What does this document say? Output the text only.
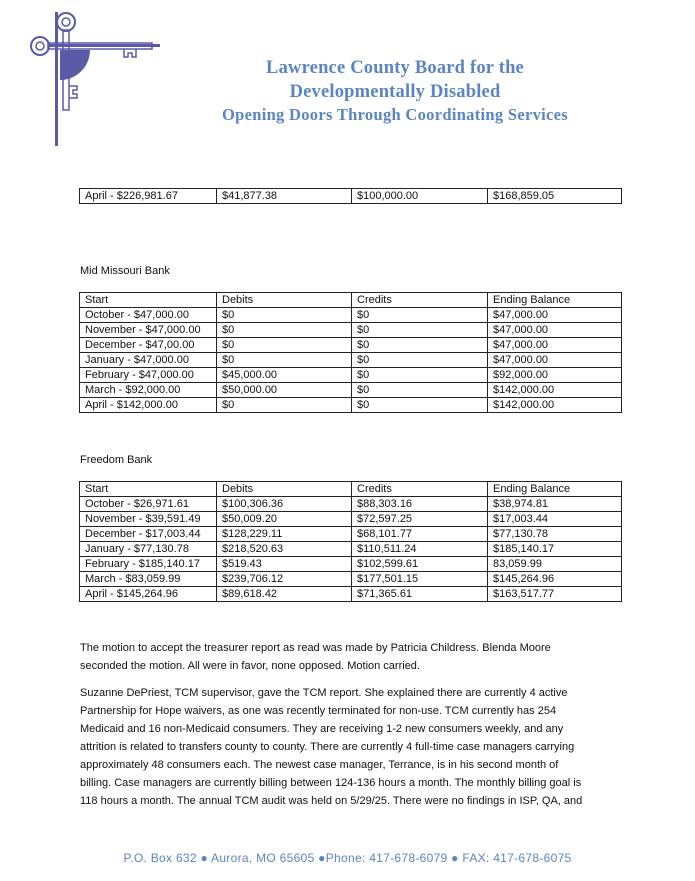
Lawrence County Board for the
Developmentally Disabled
Opening Doors Through Coordinating Services
April - $226,981.67	$41,877.38	$100,000.00	$168,859.05
Mid Missouri Bank
Start	Debits	Credits	Ending Balance
October - $47,000.00	$0	$0	$47,000.00
November - $47,000.00	$0	$0	$47,000.00
December - $47,00.00	$0	$0	$47,000.00
January - $47,000.00	$0	$0	$47,000.00
February - $47,000.00	$45,000.00	$0	$92,000.00
March - $92,000.00	$50,000.00	$0	$142,000.00
April - $142,000.00	$0	$0	$142,000.00
Freedom Bank
Start	Debits	Credits	Ending Balance
October - $26,971.61	$100,306.36	$88,303.16	$38,974.81
November - $39,591.49	$50,009.20	$72,597.25	$17,003.44
December - $17,003.44	$128,229.11	$68,101.77	$77,130.78
January - $77,130.78	$218,520.63	$110,511.24	$185,140.17
February - $185,140.17	$519.43	$102,599.61	83,059.99
March - $83,059.99	$239,706.12	$177,501.15	$145,264.96
April - $145,264.96	$89,618.42	$71,365.61	$163,517.77
The motion to accept the treasurer report as read was made by Patricia Childress. Blenda Moore
seconded the motion. All were in favor, none opposed. Motion carried.
Suzanne DePriest, TCM supervisor, gave the TCM report. She explained there are currently 4 active
Partnership for Hope waivers, as one was recently terminated for non-use. TCM currently has 254
Medicaid and 16 non-Medicaid consumers. They are receiving 1-2 new consumers weekly, and any
attrition is related to transfers county to county. There are currently 4 full-time case managers carrying
approximately 48 consumers each. The newest case manager, Terrance, is in his second month of
billing. Case managers are currently billing between 124-136 hours a month. The monthly billing goal is
118 hours a month. The annual TCM audit was held on 5/29/25. There were no findings in ISP, QA, and
P.O. Box 632 ● Aurora, MO 65605 ●Phone: 417-678-6079 ● FAX: 417-678-6075
